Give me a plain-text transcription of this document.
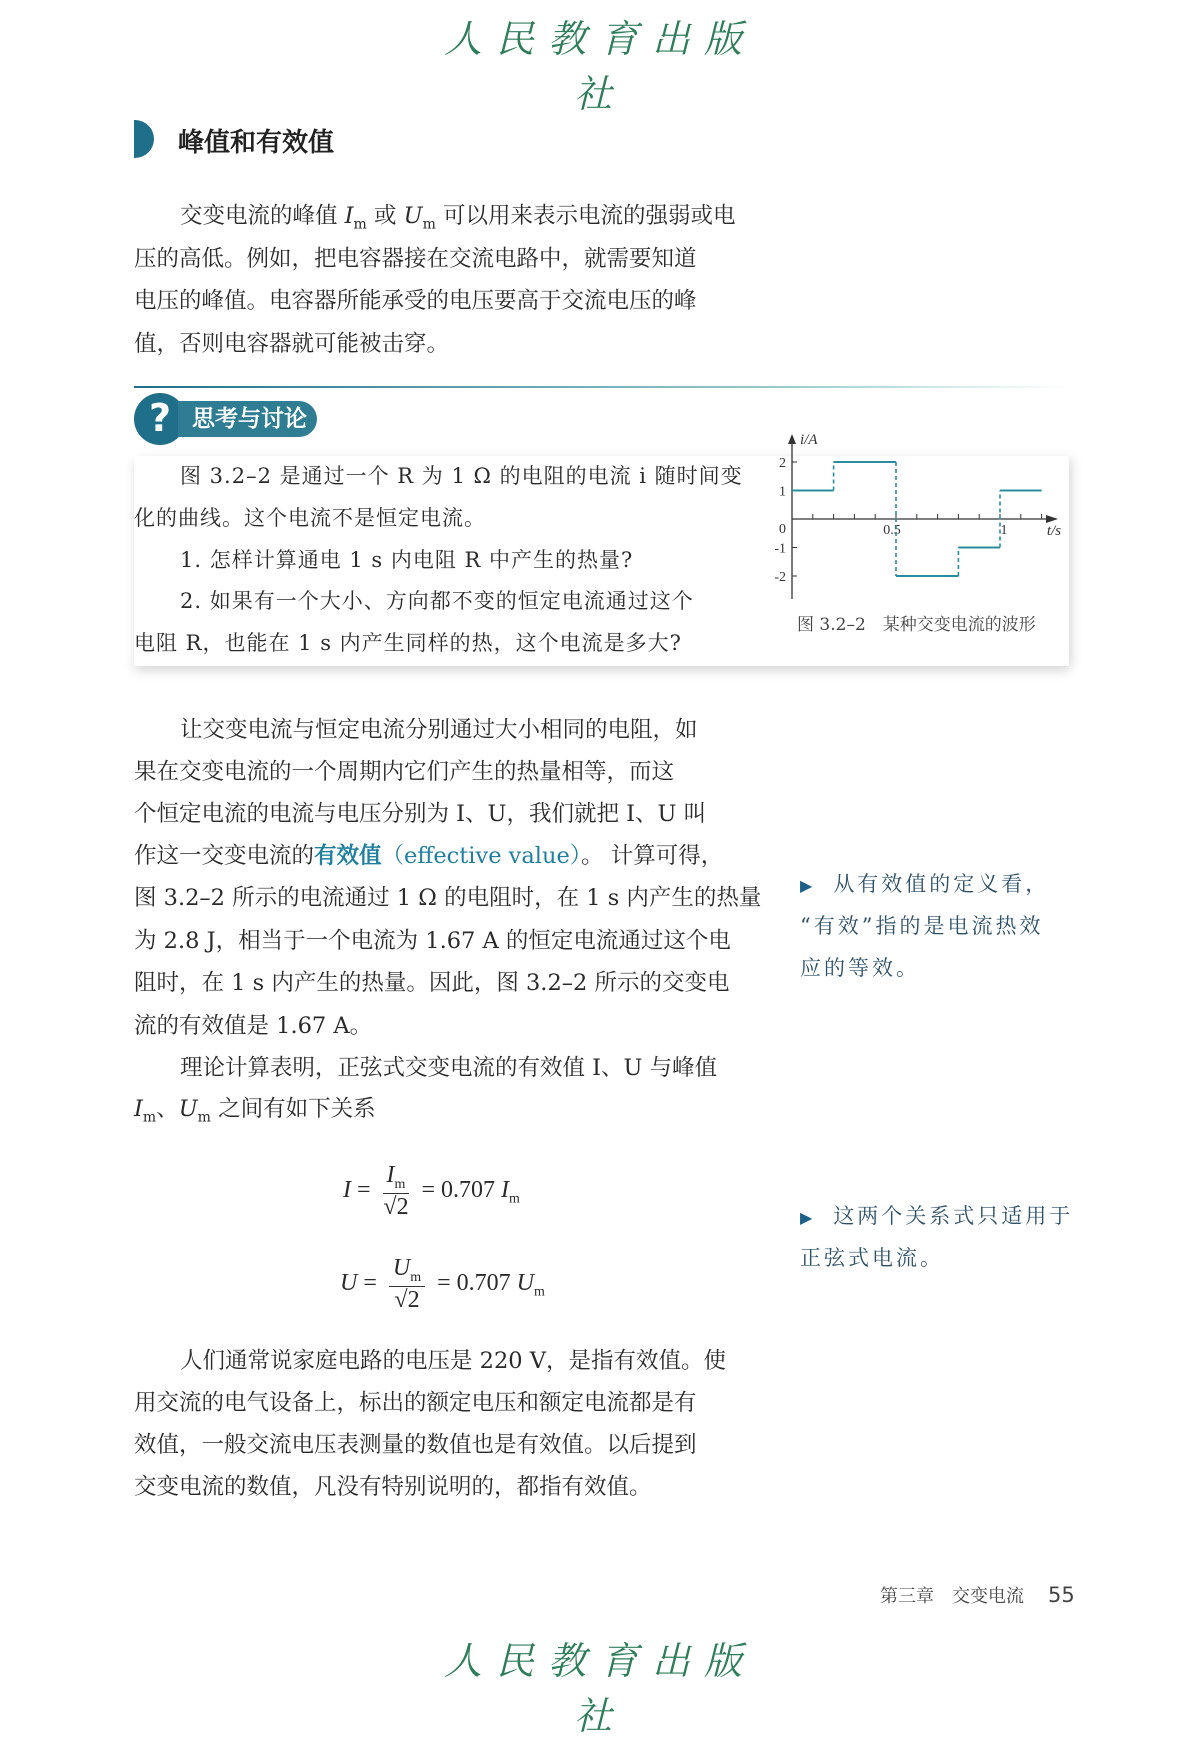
人民教育出版社
峰值和有效值
交变电流的峰值 $I_m$ 或 $U_m$ 可以用来表示电流的强弱或电
压的高低。例如，把电容器接在交流电路中，就需要知道
电压的峰值。电容器所能承受的电压要高于交流电压的峰
值，否则电容器就可能被击穿。
? 思考与讨论
图 3.2–2 是通过一个 R 为 1 Ω 的电阻的电流 i 随时间变
化的曲线。这个电流不是恒定电流。
1. 怎样计算通电 1 s 内电阻 R 中产生的热量?
2. 如果有一个大小、方向都不变的恒定电流通过这个
电阻 R，也能在 1 s 内产生同样的热，这个电流是多大?
2
1
0
-1
-2
0.5	1
i/A
t/s
图 3.2–2　某种交变电流的波形
让交变电流与恒定电流分别通过大小相同的电阻，如
果在交变电流的一个周期内它们产生的热量相等，而这
个恒定电流的电流与电压分别为 I、U，我们就把 I、U 叫
作这一交变电流的有效值（effective value）。 计算可得，
图 3.2–2 所示的电流通过 1 Ω 的电阻时，在 1 s 内产生的热量
为 2.8 J，相当于一个电流为 1.67 A 的恒定电流通过这个电
阻时，在 1 s 内产生的热量。因此，图 3.2–2 所示的交变电
流的有效值是 1.67 A。
理论计算表明，正弦式交变电流的有效值 I、U 与峰值
$I_m$、$U_m$ 之间有如下关系
$I = \frac{I_m}{√2} = 0.707$ $I_m$
$U = \frac{U_m}{√2} = 0.707$ $U_m$
人们通常说家庭电路的电压是 220 V，是指有效值。使
用交流的电气设备上，标出的额定电压和额定电流都是有
效值，一般交流电压表测量的数值也是有效值。以后提到
交变电流的数值，凡没有特别说明的，都指有效值。
▶ 从有效值的定义看，
“有效”指的是电流热效
应的等效。
▶ 这两个关系式只适用于
正弦式电流。
第三章　交变电流 55
人民教育出版社
